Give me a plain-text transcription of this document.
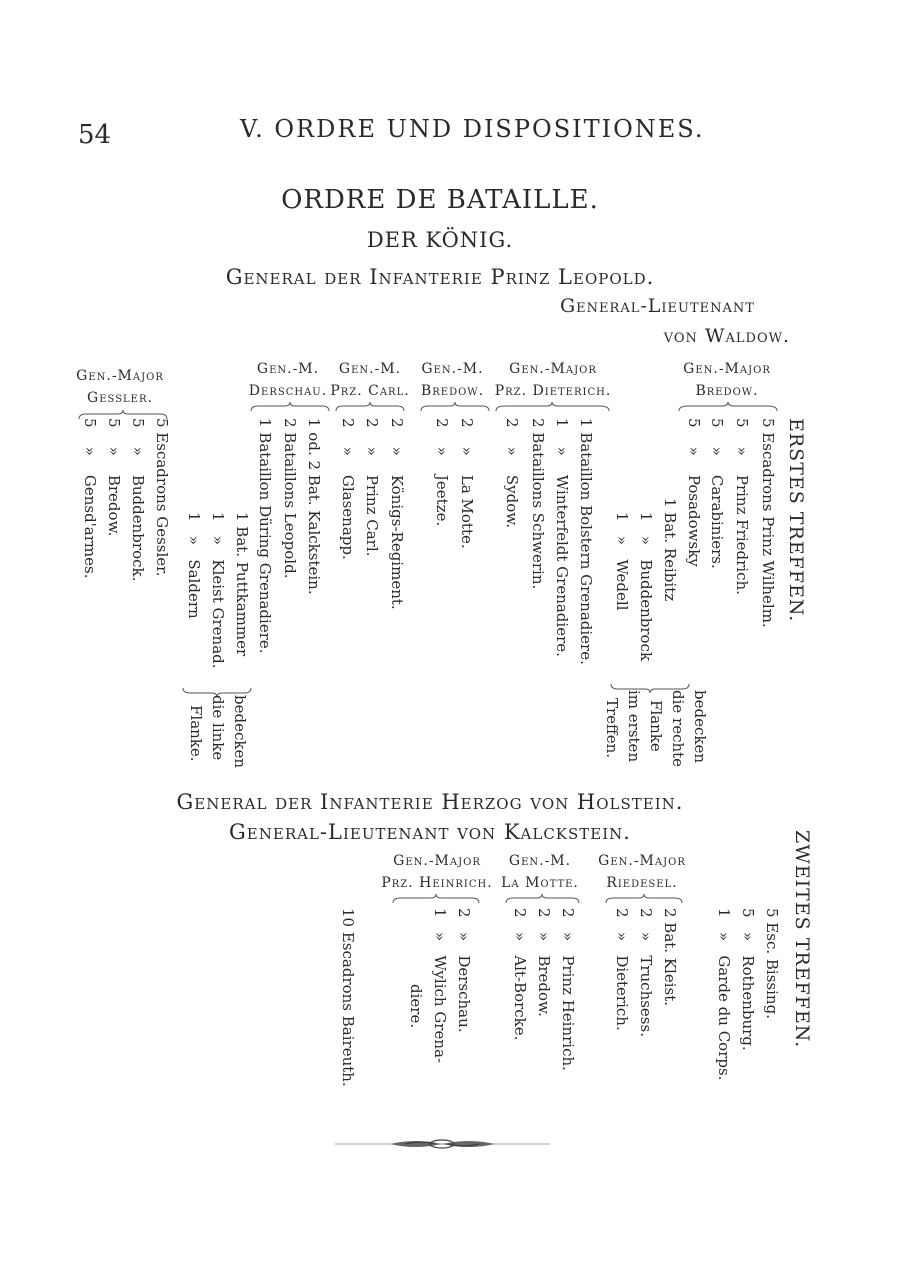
54	V. ORDRE UND DISPOSITIONES.
ORDRE DE BATAILLE.
DER KÖNIG.
General der Infanterie Prinz Leopold.
General-Lieutenant
von Waldow.
Gen.-Major
Bredow.
Gen.-Major
Prz. Dieterich.
Gen.-M.
Bredow.
Gen.-M.
Prz. Carl.
Gen.-M.
Derschau.
Gen.-Major
Gessler.
ERSTES TREFFEN.
5 Escadrons Prinz Wilhelm.
5    »    Prinz Friedrich.
5    »    Carabiniers.
5    »    Posadowsky
1 Bat. Reibitz
1   »   Buddenbrock
1   »   Wedell
1 Bataillon Bolstern Grenadiere.
1    »    Winterfeldt Grenadiere.
2 Bataillons Schwerin.
2    »    Sydow.
2    »    La Motte.
2    »    Jeetze.
2    »    Königs-Regiment.
2    »    Prinz Carl.
2    »    Glasenapp.
1 od. 2 Bat. Kalckstein.
2 Bataillons Leopold.
1 Bataillon Düring Grenadiere.
1 Bat. Puttkammer
1   »   Kleist Grenad.
1   »   Saldern
5 Escadrons Gessler.
5    »    Buddenbrock.
5    »    Bredow.
5    »    Gensd'armes.
bedecken
die rechte
Flanke
im ersten
Treffen.
bedecken
die linke
Flanke.
General der Infanterie Herzog von Holstein.
General-Lieutenant von Kalckstein.
Gen.-Major
Riedesel.
Gen.-M.
La Motte.
Gen.-Major
Prz. Heinrich.	ZWEITES TREFFEN.
5 Esc. Bissing.
5   »   Rothenburg.
1   »   Garde du Corps.
2 Bat. Kleist.
2   »   Truchsess.
2   »   Dieterich.
2   »   Prinz Heinrich.
2   »   Bredow.
2   »   Alt-Borcke.
2   »   Derschau.
1   »   Wylich Grena-
diere.
10 Escadrons Baireuth.
